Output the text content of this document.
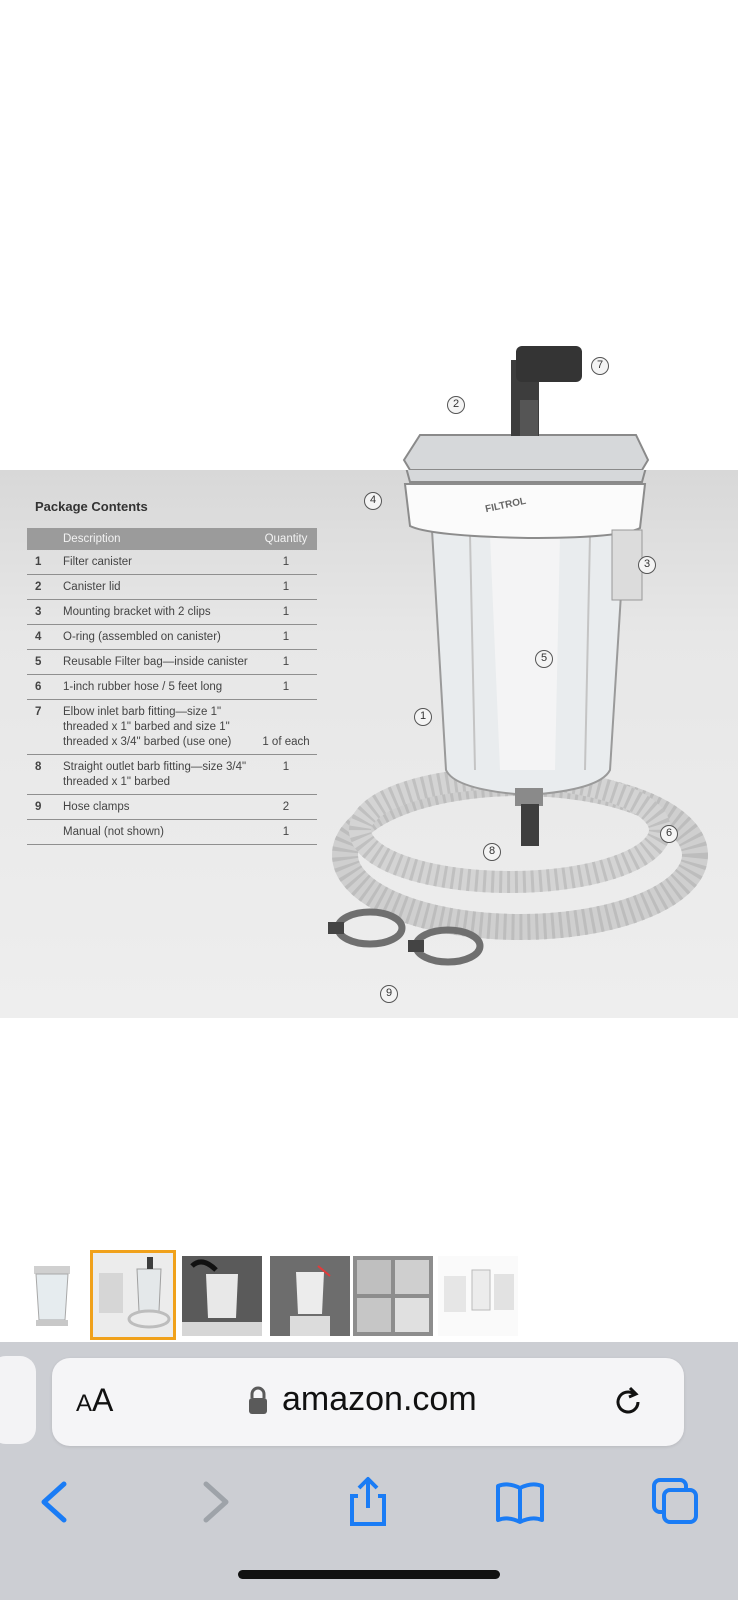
FILTROL
Package Contents
Description		Quantity
1	Filter canister	1
2	Canister lid	1
3	Mounting bracket with 2 clips	1
4	O-ring (assembled on canister)	1
5	Reusable Filter bag—inside canister	1
6	1-inch rubber hose / 5 feet long	1
7	Elbow inlet barb fitting—size 1" threaded x 1" barbed and size 1" threaded x 3/4" barbed (use one)	1 of each
8	Straight outlet barb fitting—size 3/4" threaded x 1" barbed	1
9	Hose clamps	2
	Manual (not shown)	1
1
2
3
4
5
6
7
8
9
AA	amazon.com
